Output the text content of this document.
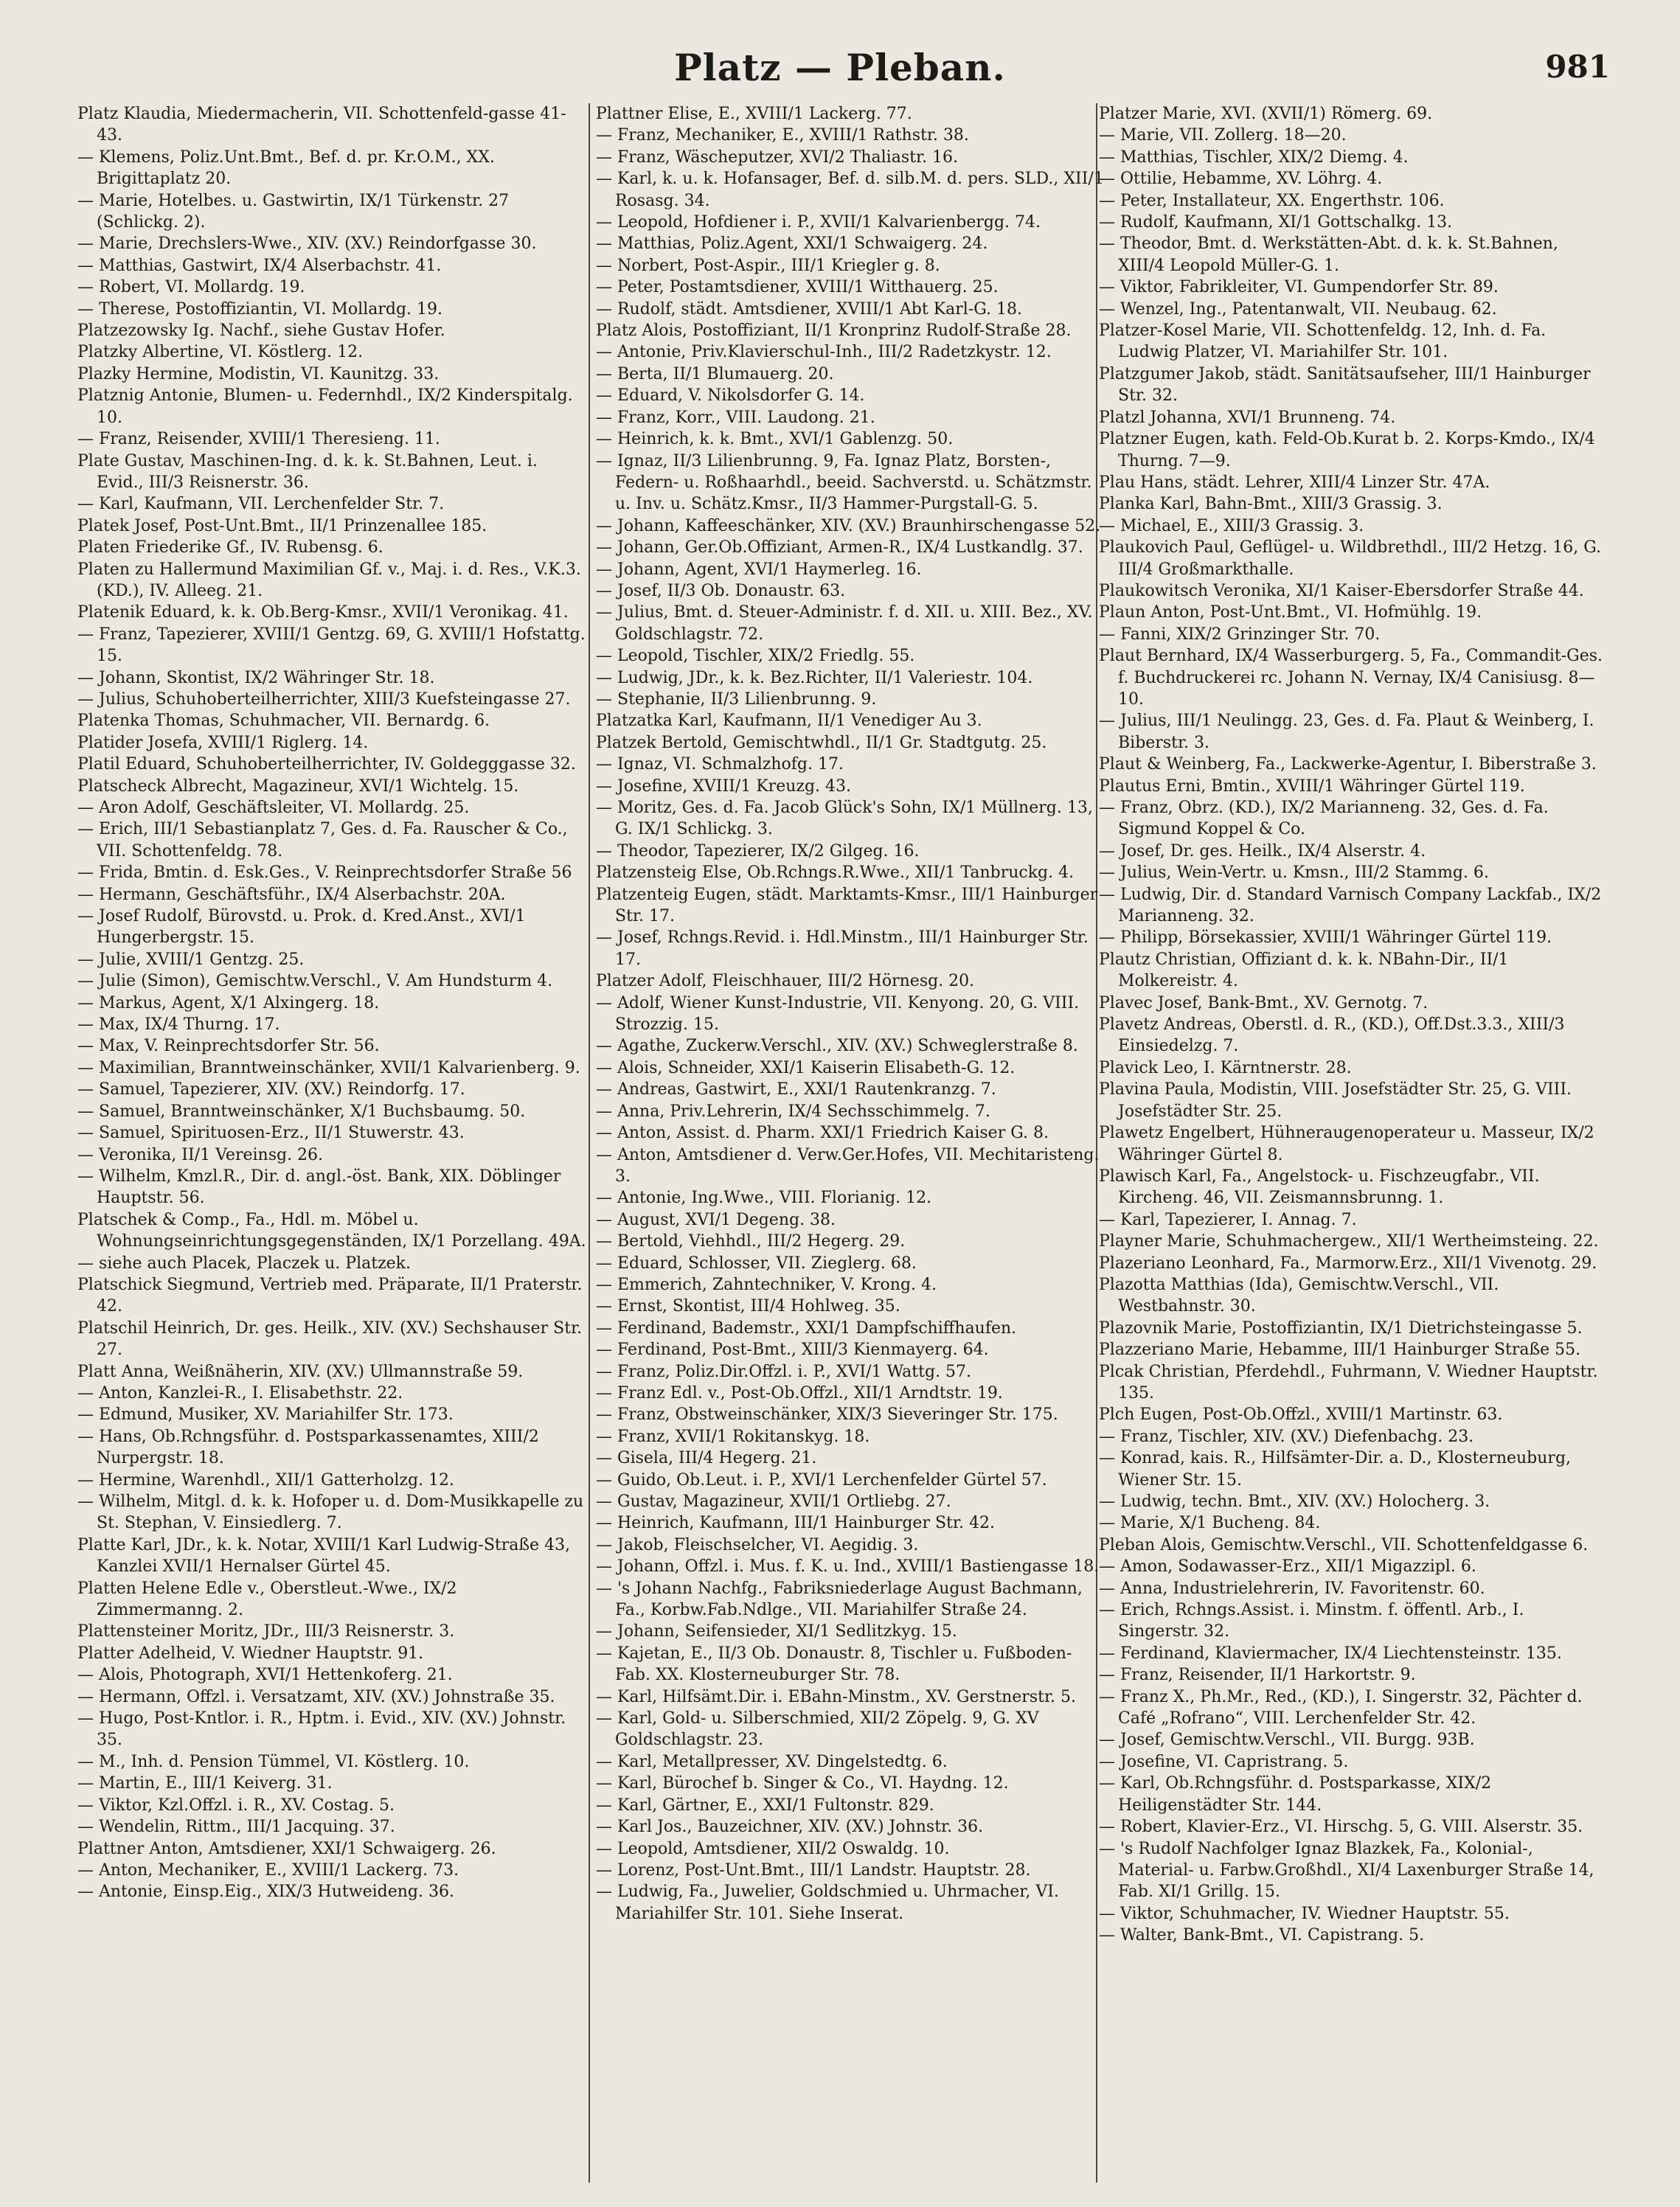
Platz — Pleban.	981

Platz Klaudia, Miedermacherin, VII. Schottenfeld-gasse 41-43.

— Klemens, Poliz.Unt.Bmt., Bef. d. pr. Kr.O.M., XX. Brigittaplatz 20.

— Marie, Hotelbes. u. Gastwirtin, IX/1 Türkenstr. 27 (Schlickg. 2).

— Marie, Drechslers-Wwe., XIV. (XV.) Reindorfgasse 30.

— Matthias, Gastwirt, IX/4 Alserbachstr. 41.

— Robert, VI. Mollardg. 19.

— Therese, Postoffiziantin, VI. Mollardg. 19.

Platzezowsky Ig. Nachf., siehe Gustav Hofer.

Platzky Albertine, VI. Köstlerg. 12.

Plazky Hermine, Modistin, VI. Kaunitzg. 33.

Platznig Antonie, Blumen- u. Federnhdl., IX/2 Kinderspitalg. 10.

— Franz, Reisender, XVIII/1 Theresieng. 11.

Plate Gustav, Maschinen-Ing. d. k. k. St.Bahnen, Leut. i. Evid., III/3 Reisnerstr. 36.

— Karl, Kaufmann, VII. Lerchenfelder Str. 7.

Platek Josef, Post-Unt.Bmt., II/1 Prinzenallee 185.

Platen Friederike Gf., IV. Rubensg. 6.

Platen zu Hallermund Maximilian Gf. v., Maj. i. d. Res., V.K.3. (KD.), IV. Alleeg. 21.

Platenik Eduard, k. k. Ob.Berg-Kmsr., XVII/1 Veronikag. 41.

— Franz, Tapezierer, XVIII/1 Gentzg. 69, G. XVIII/1 Hofstattg. 15.

— Johann, Skontist, IX/2 Währinger Str. 18.

— Julius, Schuhoberteilherrichter, XIII/3 Kuefsteingasse 27.

Platenka Thomas, Schuhmacher, VII. Bernardg. 6.

Platider Josefa, XVIII/1 Riglerg. 14.

Platil Eduard, Schuhoberteilherrichter, IV. Goldegggasse 32.

Platscheck Albrecht, Magazineur, XVI/1 Wichtelg. 15.

— Aron Adolf, Geschäftsleiter, VI. Mollardg. 25.

— Erich, III/1 Sebastianplatz 7, Ges. d. Fa. Rauscher & Co., VII. Schottenfeldg. 78.

— Frida, Bmtin. d. Esk.Ges., V. Reinprechtsdorfer Straße 56

— Hermann, Geschäftsführ., IX/4 Alserbachstr. 20A.

— Josef Rudolf, Bürovstd. u. Prok. d. Kred.Anst., XVI/1 Hungerbergstr. 15.

— Julie, XVIII/1 Gentzg. 25.

— Julie (Simon), Gemischtw.Verschl., V. Am Hundsturm 4.

— Markus, Agent, X/1 Alxingerg. 18.

— Max, IX/4 Thurng. 17.

— Max, V. Reinprechtsdorfer Str. 56.

— Maximilian, Branntweinschänker, XVII/1 Kalvarienberg. 9.

— Samuel, Tapezierer, XIV. (XV.) Reindorfg. 17.

— Samuel, Branntweinschänker, X/1 Buchsbaumg. 50.

— Samuel, Spirituosen-Erz., II/1 Stuwerstr. 43.

— Veronika, II/1 Vereinsg. 26.

— Wilhelm, Kmzl.R., Dir. d. angl.-öst. Bank, XIX. Döblinger Hauptstr. 56.

Platschek & Comp., Fa., Hdl. m. Möbel u. Wohnungseinrichtungsgegenständen, IX/1 Porzellang. 49A.

— siehe auch Placek, Placzek u. Platzek.

Platschick Siegmund, Vertrieb med. Präparate, II/1 Praterstr. 42.

Platschil Heinrich, Dr. ges. Heilk., XIV. (XV.) Sechshauser Str. 27.

Platt Anna, Weißnäherin, XIV. (XV.) Ullmannstraße 59.

— Anton, Kanzlei-R., I. Elisabethstr. 22.

— Edmund, Musiker, XV. Mariahilfer Str. 173.

— Hans, Ob.Rchngsführ. d. Postsparkassenamtes, XIII/2 Nurpergstr. 18.

— Hermine, Warenhdl., XII/1 Gatterholzg. 12.

— Wilhelm, Mitgl. d. k. k. Hofoper u. d. Dom-Musikkapelle zu St. Stephan, V. Einsiedlerg. 7.

Platte Karl, JDr., k. k. Notar, XVIII/1 Karl Ludwig-Straße 43, Kanzlei XVII/1 Hernalser Gürtel 45.

Platten Helene Edle v., Oberstleut.-Wwe., IX/2 Zimmermanng. 2.

Plattensteiner Moritz, JDr., III/3 Reisnerstr. 3.

Platter Adelheid, V. Wiedner Hauptstr. 91.

— Alois, Photograph, XVI/1 Hettenkoferg. 21.

— Hermann, Offzl. i. Versatzamt, XIV. (XV.) Johnstraße 35.

— Hugo, Post-Kntlor. i. R., Hptm. i. Evid., XIV. (XV.) Johnstr. 35.

— M., Inh. d. Pension Tümmel, VI. Köstlerg. 10.

— Martin, E., III/1 Keiverg. 31.

— Viktor, Kzl.Offzl. i. R., XV. Costag. 5.

— Wendelin, Rittm., III/1 Jacquing. 37.

Plattner Anton, Amtsdiener, XXI/1 Schwaigerg. 26.

— Anton, Mechaniker, E., XVIII/1 Lackerg. 73.

— Antonie, Einsp.Eig., XIX/3 Hutweideng. 36.

Plattner Elise, E., XVIII/1 Lackerg. 77.

— Franz, Mechaniker, E., XVIII/1 Rathstr. 38.

— Franz, Wäscheputzer, XVI/2 Thaliastr. 16.

— Karl, k. u. k. Hofansager, Bef. d. silb.M. d. pers. SLD., XII/1 Rosasg. 34.

— Leopold, Hofdiener i. P., XVII/1 Kalvarienbergg. 74.

— Matthias, Poliz.Agent, XXI/1 Schwaigerg. 24.

— Norbert, Post-Aspir., III/1 Kriegler g. 8.

— Peter, Postamtsdiener, XVIII/1 Witthauerg. 25.

— Rudolf, städt. Amtsdiener, XVIII/1 Abt Karl-G. 18.

Platz Alois, Postoffiziant, II/1 Kronprinz Rudolf-Straße 28.

— Antonie, Priv.Klavierschul-Inh., III/2 Radetzkystr. 12.

— Berta, II/1 Blumauerg. 20.

— Eduard, V. Nikolsdorfer G. 14.

— Franz, Korr., VIII. Laudong. 21.

— Heinrich, k. k. Bmt., XVI/1 Gablenzg. 50.

— Ignaz, II/3 Lilienbrunng. 9, Fa. Ignaz Platz, Borsten-, Federn- u. Roßhaarhdl., beeid. Sachverstd. u. Schätzmstr. u. Inv. u. Schätz.Kmsr., II/3 Hammer-Purgstall-G. 5.

— Johann, Kaffeeschänker, XIV. (XV.) Braunhirschengasse 52.

— Johann, Ger.Ob.Offiziant, Armen-R., IX/4 Lustkandlg. 37.

— Johann, Agent, XVI/1 Haymerleg. 16.

— Josef, II/3 Ob. Donaustr. 63.

— Julius, Bmt. d. Steuer-Administr. f. d. XII. u. XIII. Bez., XV. Goldschlagstr. 72.

— Leopold, Tischler, XIX/2 Friedlg. 55.

— Ludwig, JDr., k. k. Bez.Richter, II/1 Valeriestr. 104.

— Stephanie, II/3 Lilienbrunng. 9.

Platzatka Karl, Kaufmann, II/1 Venediger Au 3.

Platzek Bertold, Gemischtwhdl., II/1 Gr. Stadtgutg. 25.

— Ignaz, VI. Schmalzhofg. 17.

— Josefine, XVIII/1 Kreuzg. 43.

— Moritz, Ges. d. Fa. Jacob Glück's Sohn, IX/1 Müllnerg. 13, G. IX/1 Schlickg. 3.

— Theodor, Tapezierer, IX/2 Gilgeg. 16.

Platzensteig Else, Ob.Rchngs.R.Wwe., XII/1 Tanbruckg. 4.

Platzenteig Eugen, städt. Marktamts-Kmsr., III/1 Hainburger Str. 17.

— Josef, Rchngs.Revid. i. Hdl.Minstm., III/1 Hainburger Str. 17.

Platzer Adolf, Fleischhauer, III/2 Hörnesg. 20.

— Adolf, Wiener Kunst-Industrie, VII. Kenyong. 20, G. VIII. Strozzig. 15.

— Agathe, Zuckerw.Verschl., XIV. (XV.) Schweglerstraße 8.

— Alois, Schneider, XXI/1 Kaiserin Elisabeth-G. 12.

— Andreas, Gastwirt, E., XXI/1 Rautenkranzg. 7.

— Anna, Priv.Lehrerin, IX/4 Sechsschimmelg. 7.

— Anton, Assist. d. Pharm. XXI/1 Friedrich Kaiser G. 8.

— Anton, Amtsdiener d. Verw.Ger.Hofes, VII. Mechitaristeng. 3.

— Antonie, Ing.Wwe., VIII. Florianig. 12.

— August, XVI/1 Degeng. 38.

— Bertold, Viehhdl., III/2 Hegerg. 29.

— Eduard, Schlosser, VII. Zieglerg. 68.

— Emmerich, Zahntechniker, V. Krong. 4.

— Ernst, Skontist, III/4 Hohlweg. 35.

— Ferdinand, Bademstr., XXI/1 Dampfschiffhaufen.

— Ferdinand, Post-Bmt., XIII/3 Kienmayerg. 64.

— Franz, Poliz.Dir.Offzl. i. P., XVI/1 Wattg. 57.

— Franz Edl. v., Post-Ob.Offzl., XII/1 Arndtstr. 19.

— Franz, Obstweinschänker, XIX/3 Sieveringer Str. 175.

— Franz, XVII/1 Rokitanskyg. 18.

— Gisela, III/4 Hegerg. 21.

— Guido, Ob.Leut. i. P., XVI/1 Lerchenfelder Gürtel 57.

— Gustav, Magazineur, XVII/1 Ortliebg. 27.

— Heinrich, Kaufmann, III/1 Hainburger Str. 42.

— Jakob, Fleischselcher, VI. Aegidig. 3.

— Johann, Offzl. i. Mus. f. K. u. Ind., XVIII/1 Bastiengasse 18.

— 's Johann Nachfg., Fabriksniederlage August Bachmann, Fa., Korbw.Fab.Ndlge., VII. Mariahilfer Straße 24.

— Johann, Seifensieder, XI/1 Sedlitzkyg. 15.

— Kajetan, E., II/3 Ob. Donaustr. 8, Tischler u. Fußboden-Fab. XX. Klosterneuburger Str. 78.

— Karl, Hilfsämt.Dir. i. EBahn-Minstm., XV. Gerstnerstr. 5.

— Karl, Gold- u. Silberschmied, XII/2 Zöpelg. 9, G. XV Goldschlagstr. 23.

— Karl, Metallpresser, XV. Dingelstedtg. 6.

— Karl, Bürochef b. Singer & Co., VI. Haydng. 12.

— Karl, Gärtner, E., XXI/1 Fultonstr. 829.

— Karl Jos., Bauzeichner, XIV. (XV.) Johnstr. 36.

— Leopold, Amtsdiener, XII/2 Oswaldg. 10.

— Lorenz, Post-Unt.Bmt., III/1 Landstr. Hauptstr. 28.

— Ludwig, Fa., Juwelier, Goldschmied u. Uhrmacher, VI. Mariahilfer Str. 101. Siehe Inserat.

Platzer Marie, XVI. (XVII/1) Römerg. 69.

— Marie, VII. Zollerg. 18—20.

— Matthias, Tischler, XIX/2 Diemg. 4.

— Ottilie, Hebamme, XV. Löhrg. 4.

— Peter, Installateur, XX. Engerthstr. 106.

— Rudolf, Kaufmann, XI/1 Gottschalkg. 13.

— Theodor, Bmt. d. Werkstätten-Abt. d. k. k. St.Bahnen, XIII/4 Leopold Müller-G. 1.

— Viktor, Fabrikleiter, VI. Gumpendorfer Str. 89.

— Wenzel, Ing., Patentanwalt, VII. Neubaug. 62.

Platzer-Kosel Marie, VII. Schottenfeldg. 12, Inh. d. Fa. Ludwig Platzer, VI. Mariahilfer Str. 101.

Platzgumer Jakob, städt. Sanitätsaufseher, III/1 Hainburger Str. 32.

Platzl Johanna, XVI/1 Brunneng. 74.

Platzner Eugen, kath. Feld-Ob.Kurat b. 2. Korps-Kmdo., IX/4 Thurng. 7—9.

Plau Hans, städt. Lehrer, XIII/4 Linzer Str. 47A.

Planka Karl, Bahn-Bmt., XIII/3 Grassig. 3.

— Michael, E., XIII/3 Grassig. 3.

Plaukovich Paul, Geflügel- u. Wildbrethdl., III/2 Hetzg. 16, G. III/4 Großmarkthalle.

Plaukowitsch Veronika, XI/1 Kaiser-Ebersdorfer Straße 44.

Plaun Anton, Post-Unt.Bmt., VI. Hofmühlg. 19.

— Fanni, XIX/2 Grinzinger Str. 70.

Plaut Bernhard, IX/4 Wasserburgerg. 5, Fa., Commandit-Ges. f. Buchdruckerei rc. Johann N. Vernay, IX/4 Canisiusg. 8—10.

— Julius, III/1 Neulingg. 23, Ges. d. Fa. Plaut & Weinberg, I. Biberstr. 3.

Plaut & Weinberg, Fa., Lackwerke-Agentur, I. Biberstraße 3.

Plautus Erni, Bmtin., XVIII/1 Währinger Gürtel 119.

— Franz, Obrz. (KD.), IX/2 Marianneng. 32, Ges. d. Fa. Sigmund Koppel & Co.

— Josef, Dr. ges. Heilk., IX/4 Alserstr. 4.

— Julius, Wein-Vertr. u. Kmsn., III/2 Stammg. 6.

— Ludwig, Dir. d. Standard Varnisch Company Lackfab., IX/2 Marianneng. 32.

— Philipp, Börsekassier, XVIII/1 Währinger Gürtel 119.

Plautz Christian, Offiziant d. k. k. NBahn-Dir., II/1 Molkereistr. 4.

Plavec Josef, Bank-Bmt., XV. Gernotg. 7.

Plavetz Andreas, Oberstl. d. R., (KD.), Off.Dst.3.3., XIII/3 Einsiedelzg. 7.

Plavick Leo, I. Kärntnerstr. 28.

Plavina Paula, Modistin, VIII. Josefstädter Str. 25, G. VIII. Josefstädter Str. 25.

Plawetz Engelbert, Hühneraugenoperateur u. Masseur, IX/2 Währinger Gürtel 8.

Plawisch Karl, Fa., Angelstock- u. Fischzeugfabr., VII. Kircheng. 46, VII. Zeismannsbrunng. 1.

— Karl, Tapezierer, I. Annag. 7.

Playner Marie, Schuhmachergew., XII/1 Wertheimsteing. 22.

Plazeriano Leonhard, Fa., Marmorw.Erz., XII/1 Vivenotg. 29.

Plazotta Matthias (Ida), Gemischtw.Verschl., VII. Westbahnstr. 30.

Plazovnik Marie, Postoffiziantin, IX/1 Dietrichsteingasse 5.

Plazzeriano Marie, Hebamme, III/1 Hainburger Straße 55.

Plcak Christian, Pferdehdl., Fuhrmann, V. Wiedner Hauptstr. 135.

Plch Eugen, Post-Ob.Offzl., XVIII/1 Martinstr. 63.

— Franz, Tischler, XIV. (XV.) Diefenbachg. 23.

— Konrad, kais. R., Hilfsämter-Dir. a. D., Klosterneuburg, Wiener Str. 15.

— Ludwig, techn. Bmt., XIV. (XV.) Holocherg. 3.

— Marie, X/1 Bucheng. 84.

Pleban Alois, Gemischtw.Verschl., VII. Schottenfeldgasse 6.

— Amon, Sodawasser-Erz., XII/1 Migazzipl. 6.

— Anna, Industrielehrerin, IV. Favoritenstr. 60.

— Erich, Rchngs.Assist. i. Minstm. f. öffentl. Arb., I. Singerstr. 32.

— Ferdinand, Klaviermacher, IX/4 Liechtensteinstr. 135.

— Franz, Reisender, II/1 Harkortstr. 9.

— Franz X., Ph.Mr., Red., (KD.), I. Singerstr. 32, Pächter d. Café „Rofrano“, VIII. Lerchenfelder Str. 42.

— Josef, Gemischtw.Verschl., VII. Burgg. 93B.

— Josefine, VI. Capristrang. 5.

— Karl, Ob.Rchngsführ. d. Postsparkasse, XIX/2 Heiligenstädter Str. 144.

— Robert, Klavier-Erz., VI. Hirschg. 5, G. VIII. Alserstr. 35.

— 's Rudolf Nachfolger Ignaz Blazkek, Fa., Kolonial-, Material- u. Farbw.Großhdl., XI/4 Laxenburger Straße 14, Fab. XI/1 Grillg. 15.

— Viktor, Schuhmacher, IV. Wiedner Hauptstr. 55.

— Walter, Bank-Bmt., VI. Capistrang. 5.
